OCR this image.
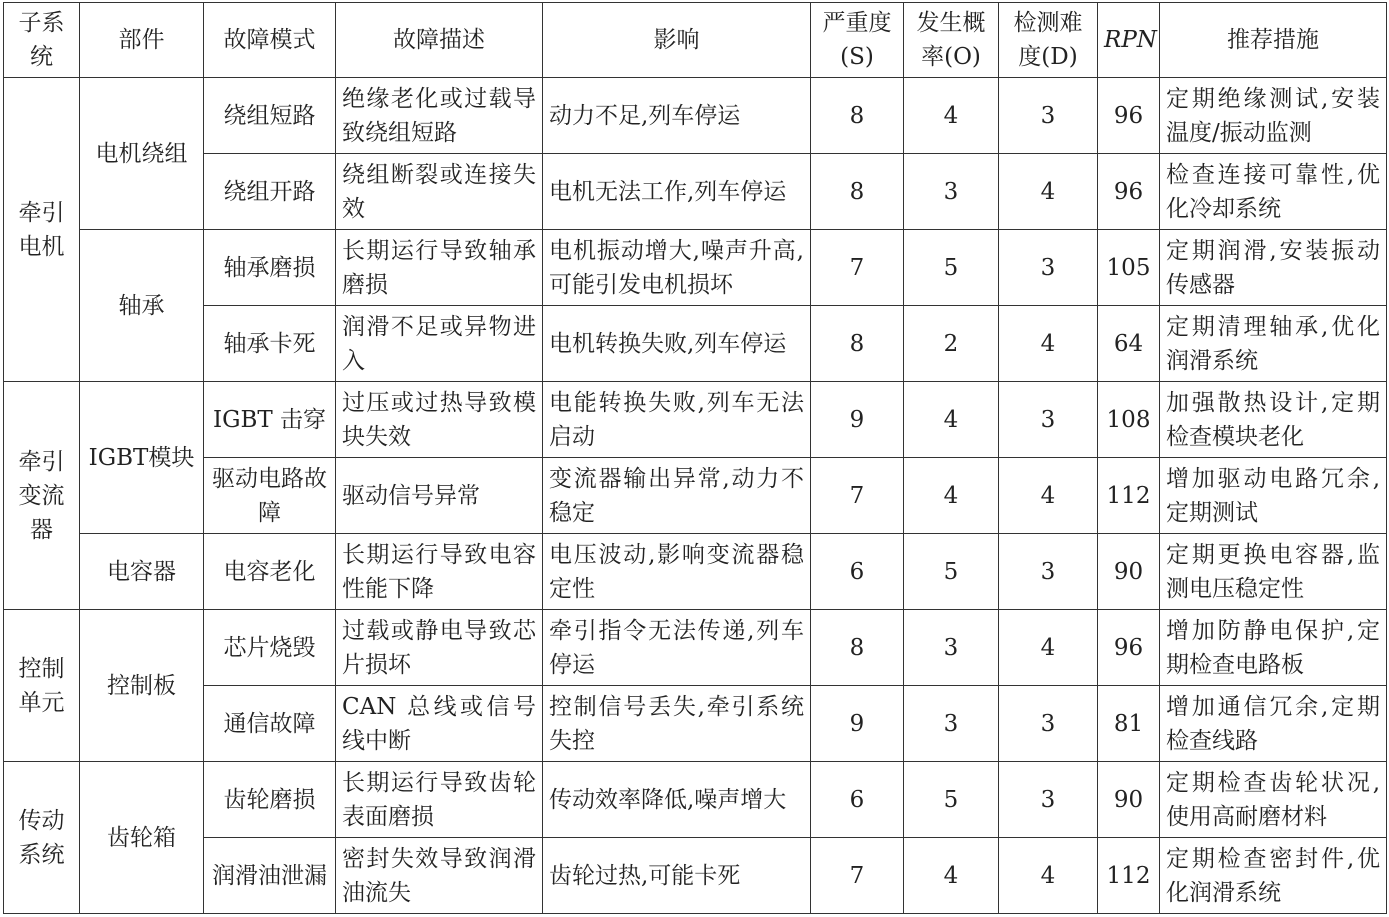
子系统	部件	故障模式	故障描述	影响	严重度(S)	发生概率(O)	检测难度(D)	RPN	推荐措施
牵引电机	电机绕组	绕组短路	绝缘老化或过载导致绕组短路	动力不足,列车停运	8	4	3	96	定期绝缘测试,安装温度/振动监测
		绕组开路	绕组断裂或连接失效	电机无法工作,列车停运	8	3	4	96	检查连接可靠性,优化冷却系统
	轴承	轴承磨损	长期运行导致轴承磨损	电机振动增大,噪声升高,可能引发电机损坏	7	5	3	105	定期润滑,安装振动传感器
		轴承卡死	润滑不足或异物进入	电机转换失败,列车停运	8	2	4	64	定期清理轴承,优化润滑系统
牵引变流器	IGBT模块	IGBT 击穿	过压或过热导致模块失效	电能转换失败,列车无法启动	9	4	3	108	加强散热设计,定期检查模块老化
		驱动电路故障	驱动信号异常	变流器输出异常,动力不稳定	7	4	4	112	增加驱动电路冗余,定期测试
	电容器	电容老化	长期运行导致电容性能下降	电压波动,影响变流器稳定性	6	5	3	90	定期更换电容器,监测电压稳定性
控制单元	控制板	芯片烧毁	过载或静电导致芯片损坏	牵引指令无法传递,列车停运	8	3	4	96	增加防静电保护,定期检查电路板
		通信故障	CAN 总线或信号线中断	控制信号丢失,牵引系统失控	9	3	3	81	增加通信冗余,定期检查线路
传动系统	齿轮箱	齿轮磨损	长期运行导致齿轮表面磨损	传动效率降低,噪声增大	6	5	3	90	定期检查齿轮状况,使用高耐磨材料
		润滑油泄漏	密封失效导致润滑油流失	齿轮过热,可能卡死	7	4	4	112	定期检查密封件,优化润滑系统
